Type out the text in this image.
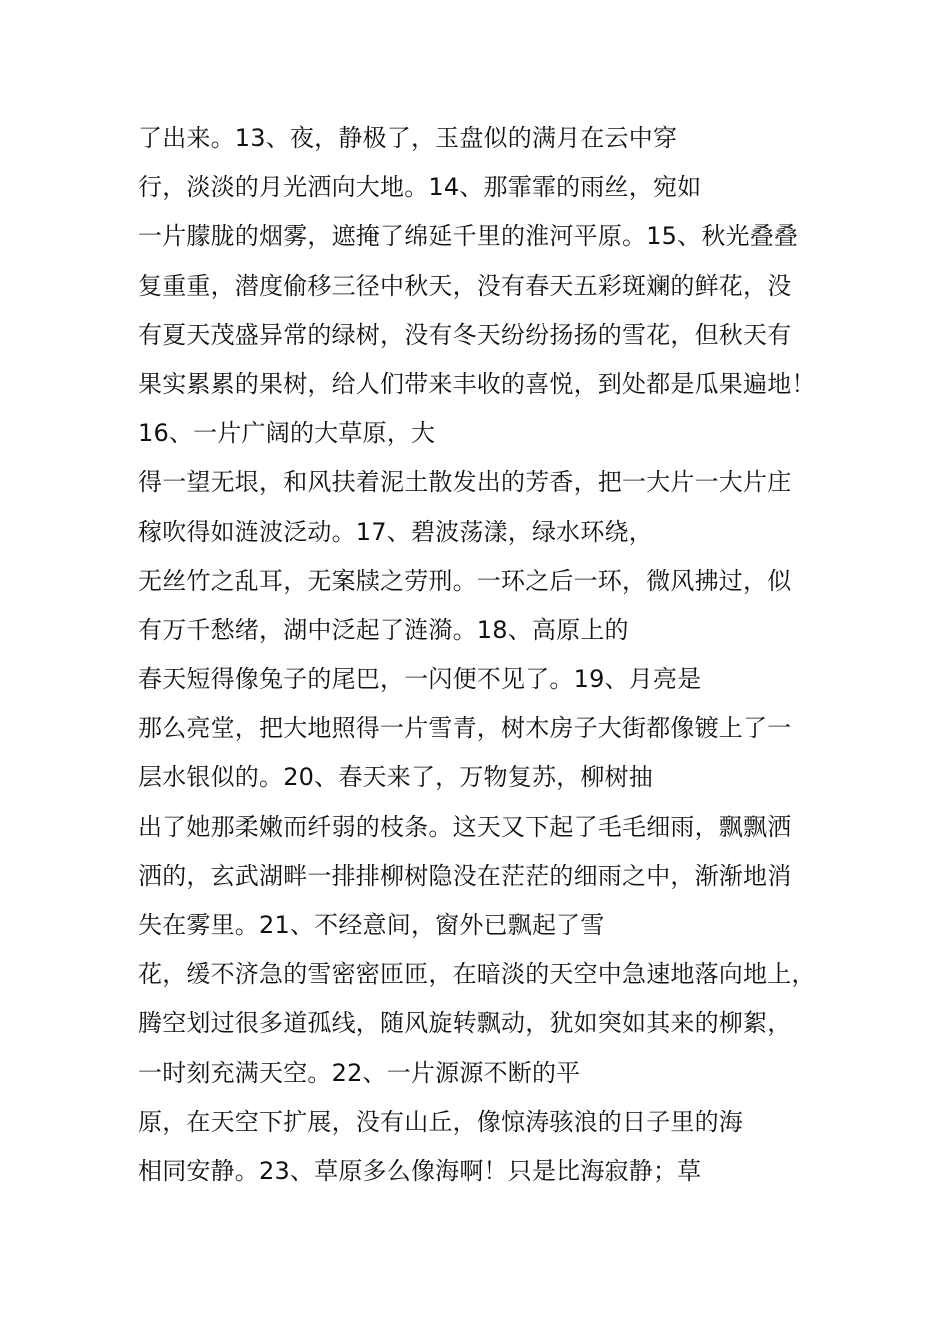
了出来。13、夜，静极了，玉盘似的满月在云中穿
行，淡淡的月光洒向大地。14、那霏霏的雨丝，宛如
一片朦胧的烟雾，遮掩了绵延千里的淮河平原。15、秋光叠叠
复重重，潜度偷移三径中秋天，没有春天五彩斑斓的鲜花，没
有夏天茂盛异常的绿树，没有冬天纷纷扬扬的雪花，但秋天有
果实累累的果树，给人们带来丰收的喜悦，到处都是瓜果遍地！
16、一片广阔的大草原，大
得一望无垠，和风扶着泥土散发出的芳香，把一大片一大片庄
稼吹得如涟波泛动。17、碧波荡漾，绿水环绕，
无丝竹之乱耳，无案牍之劳刑。一环之后一环，微风拂过，似
有万千愁绪，湖中泛起了涟漪。18、高原上的
春天短得像兔子的尾巴，一闪便不见了。19、月亮是
那么亮堂，把大地照得一片雪青，树木房子大街都像镀上了一
层水银似的。20、春天来了，万物复苏，柳树抽
出了她那柔嫩而纤弱的枝条。这天又下起了毛毛细雨，飘飘洒
洒的，玄武湖畔一排排柳树隐没在茫茫的细雨之中，渐渐地消
失在雾里。21、不经意间，窗外已飘起了雪
花，缓不济急的雪密密匝匝，在暗淡的天空中急速地落向地上，
腾空划过很多道孤线，随风旋转飘动，犹如突如其来的柳絮，
一时刻充满天空。22、一片源源不断的平
原，在天空下扩展，没有山丘，像惊涛骇浪的日子里的海
相同安静。23、草原多么像海啊！只是比海寂静；草
